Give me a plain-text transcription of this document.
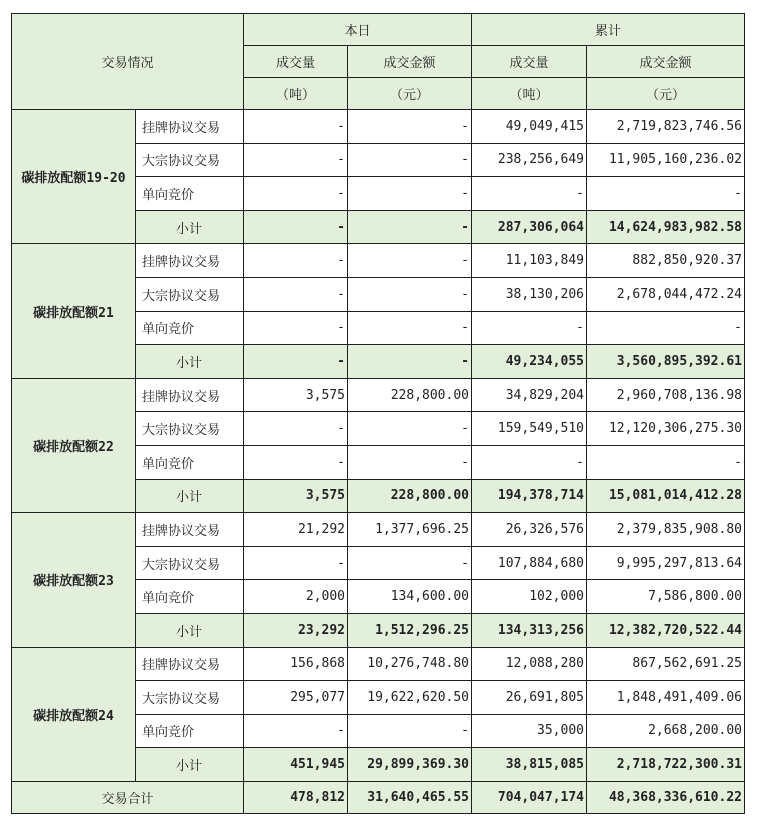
交易情况		本日		累计	
		成交量	成交金额	成交量	成交金额
		（吨）	（元）	（吨）	（元）
碳排放配额19-20	挂牌协议交易	-	-	49,049,415	2,719,823,746.56
	大宗协议交易	-	-	238,256,649	11,905,160,236.02
	单向竞价	-	-	-	-
	小计	-	-	287,306,064	14,624,983,982.58
碳排放配额21	挂牌协议交易	-	-	11,103,849	882,850,920.37
	大宗协议交易	-	-	38,130,206	2,678,044,472.24
	单向竞价	-	-	-	-
	小计	-	-	49,234,055	3,560,895,392.61
碳排放配额22	挂牌协议交易	3,575	228,800.00	34,829,204	2,960,708,136.98
	大宗协议交易	-	-	159,549,510	12,120,306,275.30
	单向竞价	-	-	-	-
	小计	3,575	228,800.00	194,378,714	15,081,014,412.28
碳排放配额23	挂牌协议交易	21,292	1,377,696.25	26,326,576	2,379,835,908.80
	大宗协议交易	-	-	107,884,680	9,995,297,813.64
	单向竞价	2,000	134,600.00	102,000	7,586,800.00
	小计	23,292	1,512,296.25	134,313,256	12,382,720,522.44
碳排放配额24	挂牌协议交易	156,868	10,276,748.80	12,088,280	867,562,691.25
	大宗协议交易	295,077	19,622,620.50	26,691,805	1,848,491,409.06
	单向竞价	-	-	35,000	2,668,200.00
	小计	451,945	29,899,369.30	38,815,085	2,718,722,300.31
交易合计		478,812	31,640,465.55	704,047,174	48,368,336,610.22
